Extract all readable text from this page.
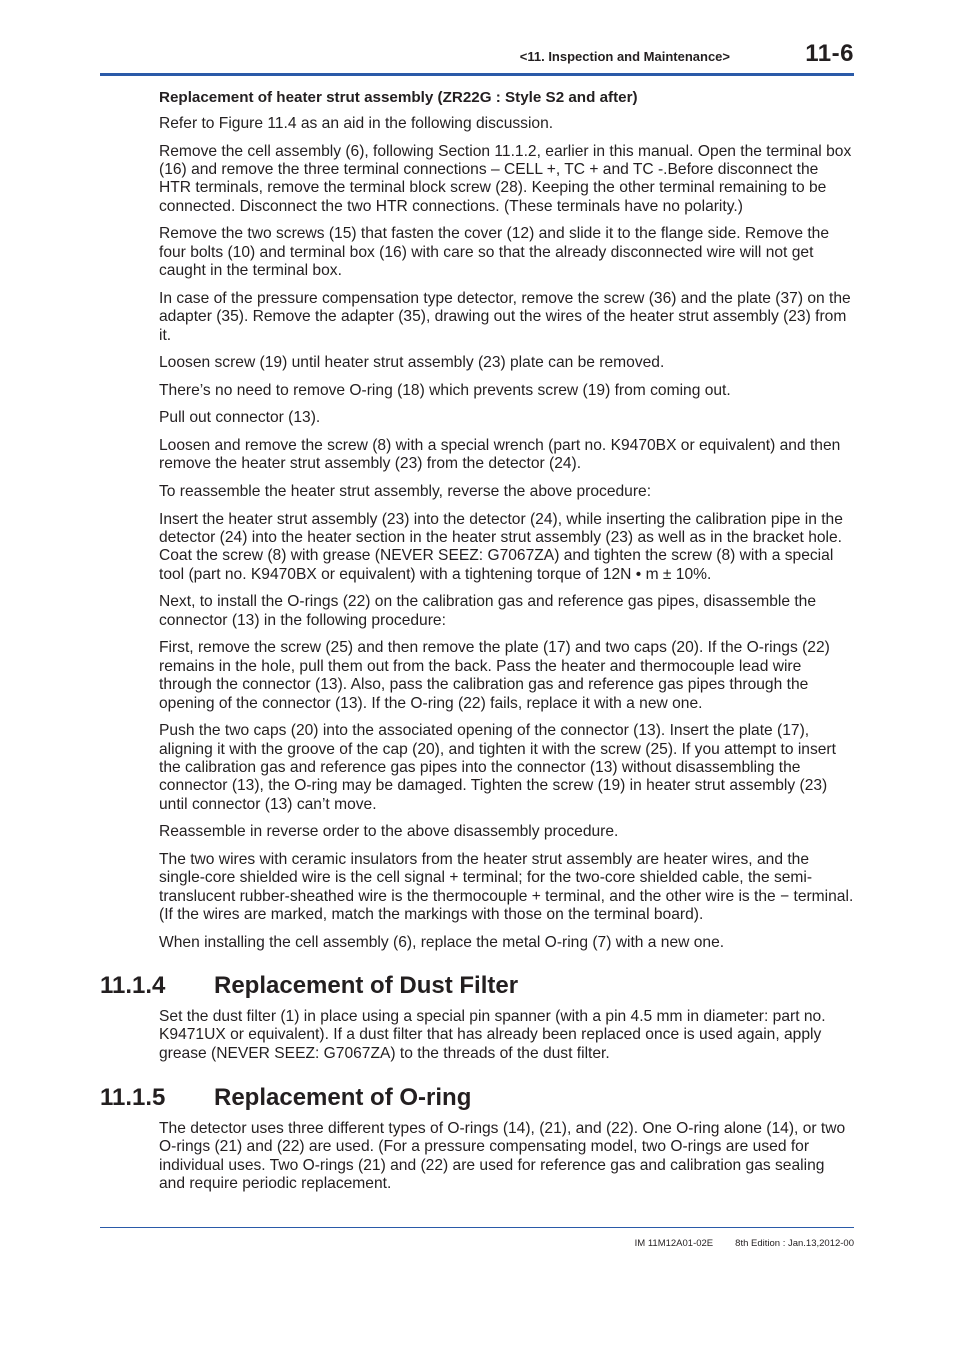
<11. Inspection and Maintenance>	11-6

Replacement of heater strut assembly (ZR22G : Style S2 and after)

Refer to Figure 11.4 as an aid in the following discussion.

Remove the cell assembly (6), following Section 11.1.2, earlier in this manual. Open the terminal box (16) and remove the three terminal connections – CELL +, TC + and TC -.Before disconnect the HTR terminals, remove the terminal block screw (28). Keeping the other terminal remaining to be connected. Disconnect the two HTR connections. (These terminals have no polarity.)

Remove the two screws (15) that fasten the cover (12) and slide it to the flange side. Remove the four bolts (10) and terminal box (16) with care so that the already disconnected wire will not get caught in the terminal box.

In case of the pressure compensation type detector, remove the screw (36) and the plate (37) on the adapter (35). Remove the adapter (35), drawing out the wires of the heater strut assembly (23) from it.

Loosen screw (19) until heater strut assembly (23) plate can be removed.

There’s no need to remove O-ring (18) which prevents screw (19) from coming out.

Pull out connector (13).

Loosen and remove the screw (8) with a special wrench (part no. K9470BX or equivalent) and then remove the heater strut assembly (23) from the detector (24).

To reassemble the heater strut assembly, reverse the above procedure:

Insert the heater strut assembly (23) into the detector (24), while inserting the calibration pipe in the detector (24) into the heater section in the heater strut assembly (23) as well as in the bracket hole. Coat the screw (8) with grease (NEVER SEEZ: G7067ZA) and tighten the screw (8) with a special tool (part no. K9470BX or equivalent) with a tightening torque of 12N • m ± 10%.

Next, to install the O-rings (22) on the calibration gas and reference gas pipes, disassemble the connector (13) in the following procedure:

First, remove the screw (25) and then remove the plate (17) and two caps (20). If the O-rings (22) remains in the hole, pull them out from the back. Pass the heater and thermocouple lead wire through the connector (13). Also, pass the calibration gas and reference gas pipes through the opening of the connector (13). If the O-ring (22) fails, replace it with a new one.

Push the two caps (20) into the associated opening of the connector (13). Insert the plate (17), aligning it with the groove of the cap (20), and tighten it with the screw (25). If you attempt to insert the calibration gas and reference gas pipes into the connector (13) without disassembling the connector (13), the O-ring may be damaged. Tighten the screw (19) in heater strut assembly (23) until connector (13) can’t move.

Reassemble in reverse order to the above disassembly procedure.

The two wires with ceramic insulators from the heater strut assembly are heater wires, and the single-core shielded wire is the cell signal + terminal; for the two-core shielded cable, the semi-translucent rubber-sheathed wire is the thermocouple + terminal, and the other wire is the − terminal. (If the wires are marked, match the markings with those on the terminal board).

When installing the cell assembly (6), replace the metal O-ring (7) with a new one.

11.1.4 Replacement of Dust Filter

Set the dust filter (1) in place using a special pin spanner (with a pin 4.5 mm in diameter: part no. K9471UX or equivalent). If a dust filter that has already been replaced once is used again, apply grease (NEVER SEEZ: G7067ZA) to the threads of the dust filter.

11.1.5 Replacement of O-ring

The detector uses three different types of O-rings (14), (21), and (22). One O-ring alone (14), or two O-rings (21) and (22) are used. (For a pressure compensating model, two O-rings are used for individual uses. Two O-rings (21) and (22) are used for reference gas and calibration gas sealing and require periodic replacement.

IM 11M12A01-02E 8th Edition : Jan.13,2012-00
